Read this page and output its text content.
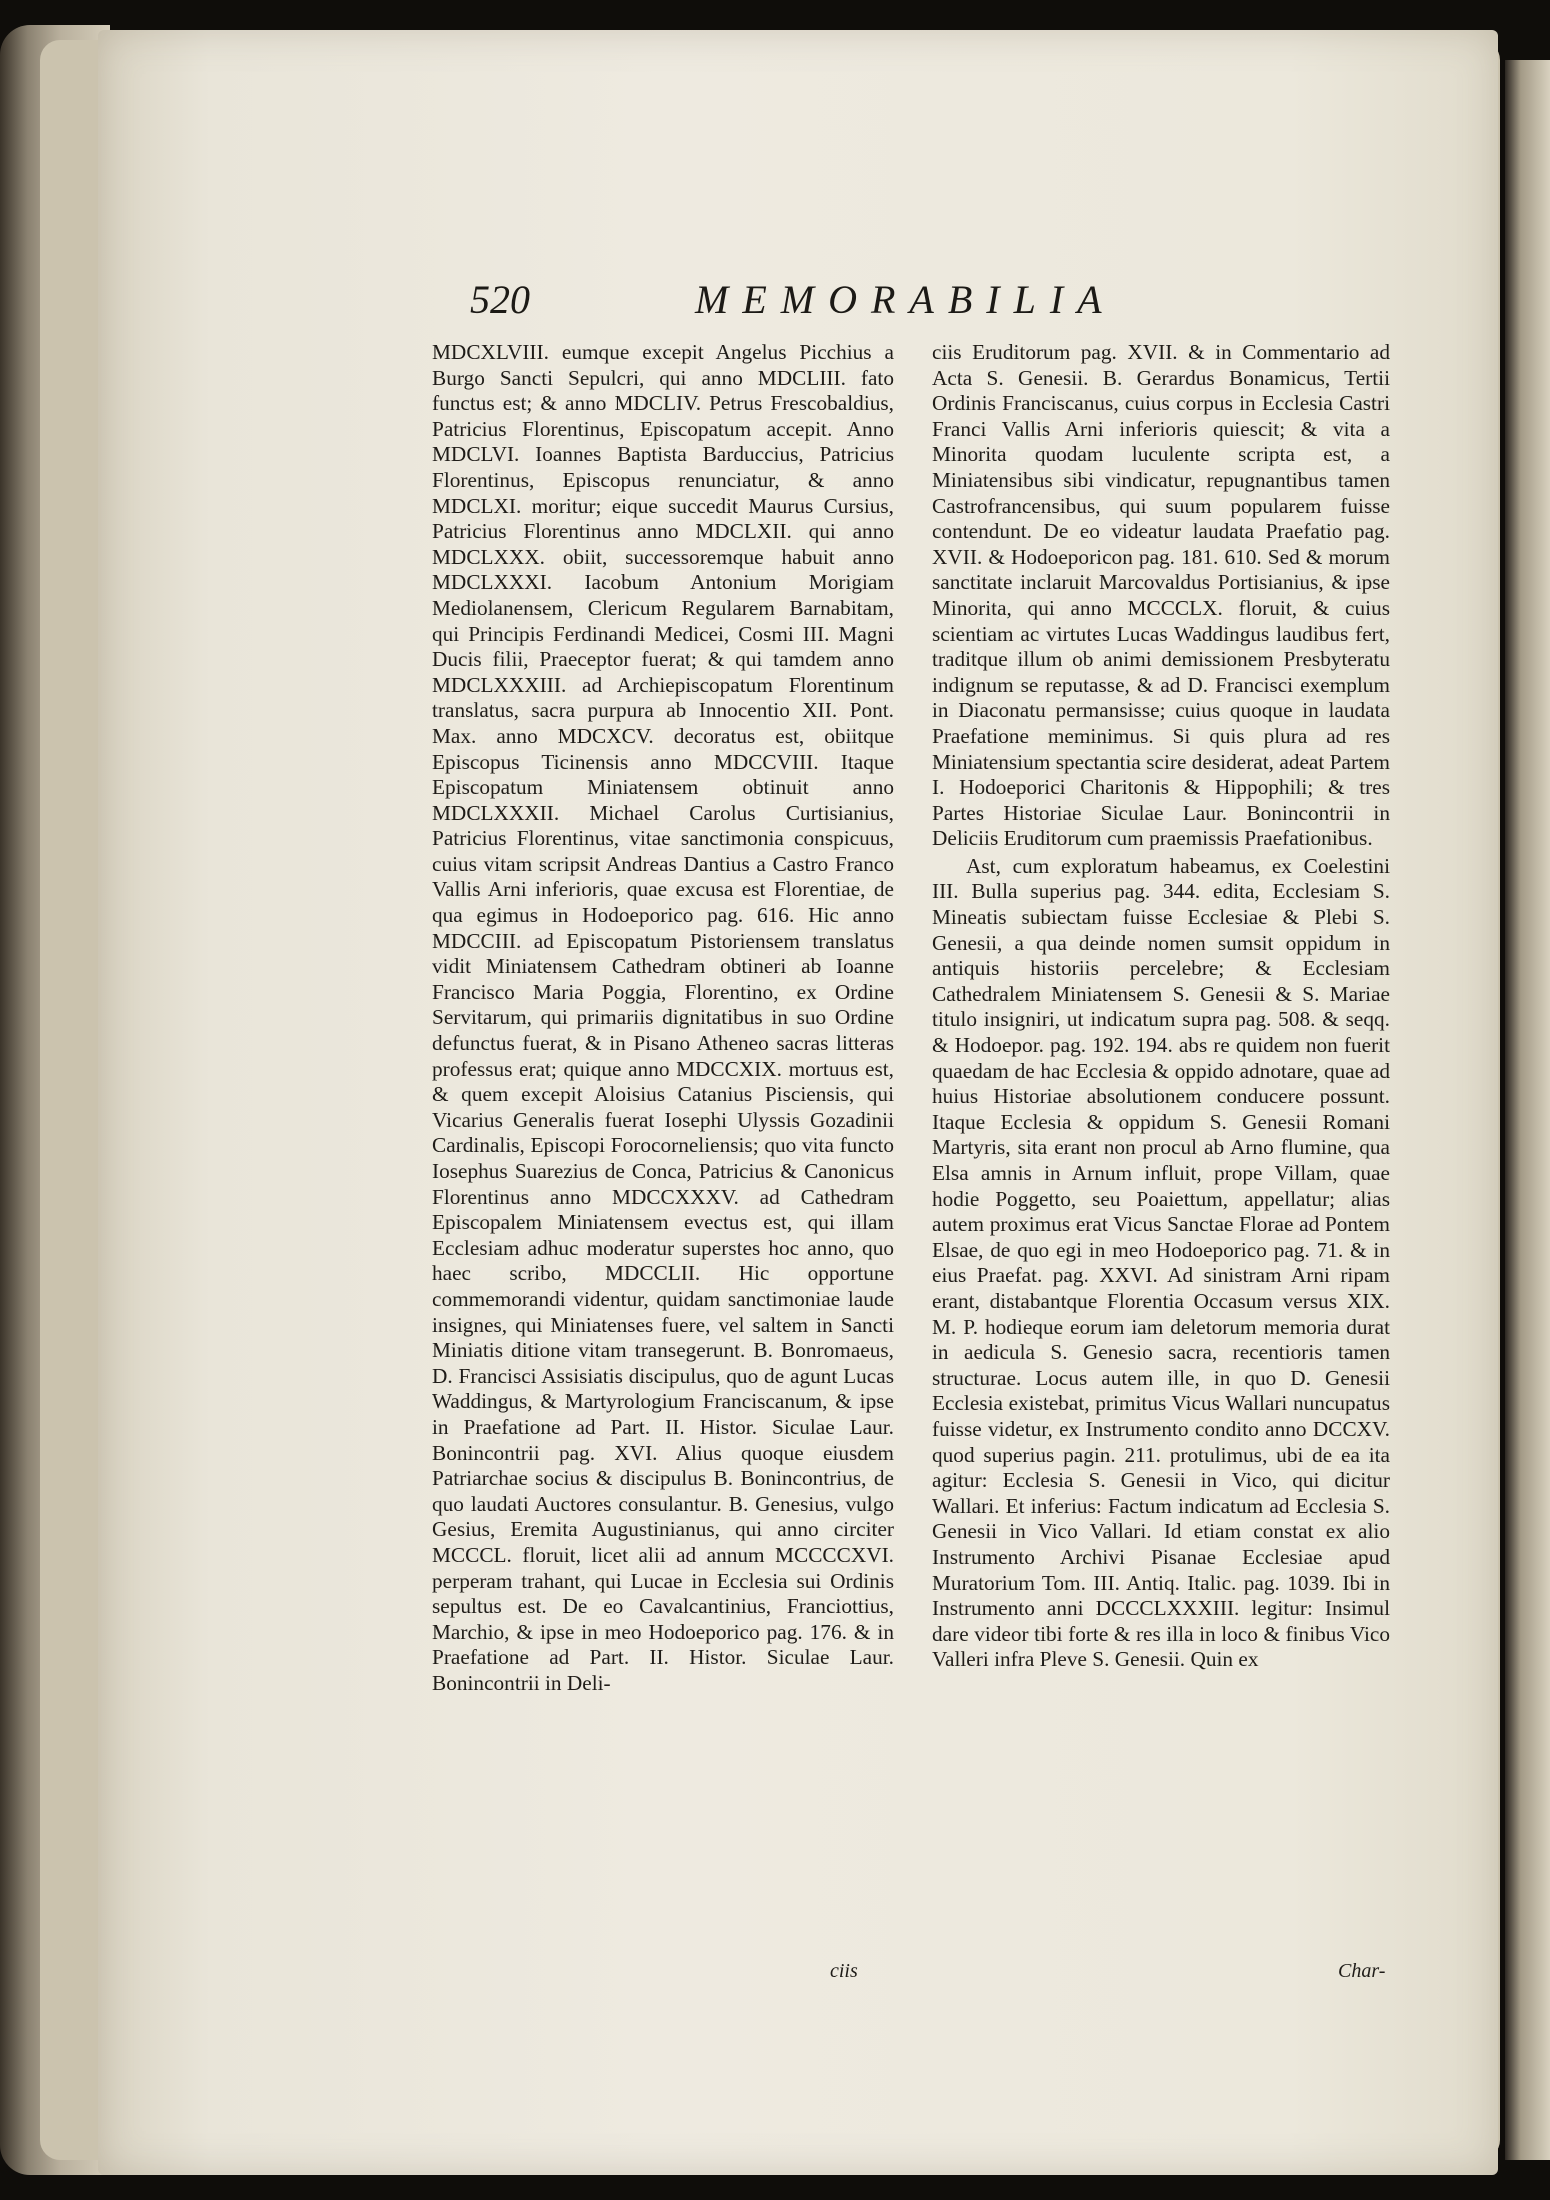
520	MEMORABILIA

MDCXLVIII. eumque excepit Angelus Picchius a Burgo Sancti Sepulcri, qui anno MDCLIII. fato functus est; & anno MDCLIV. Petrus Frescobaldius, Patricius Florentinus, Episcopatum accepit. Anno MDCLVI. Ioannes Baptista Barduccius, Patricius Florentinus, Episcopus renunciatur, & anno MDCLXI. moritur; eique succedit Maurus Cursius, Patricius Florentinus anno MDCLXII. qui anno MDCLXXX. obiit, successoremque habuit anno MDCLXXXI. Iacobum Antonium Morigiam Mediolanensem, Clericum Regularem Barnabitam, qui Principis Ferdinandi Medicei, Cosmi III. Magni Ducis filii, Praeceptor fuerat; & qui tamdem anno MDCLXXXIII. ad Archiepiscopatum Florentinum translatus, sacra purpura ab Innocentio XII. Pont. Max. anno MDCXCV. decoratus est, obiitque Episcopus Ticinensis anno MDCCVIII. Itaque Episcopatum Miniatensem obtinuit anno MDCLXXXII. Michael Carolus Curtisianius, Patricius Florentinus, vitae sanctimonia conspicuus, cuius vitam scripsit Andreas Dantius a Castro Franco Vallis Arni inferioris, quae excusa est Florentiae, de qua egimus in Hodoeporico pag. 616. Hic anno MDCCIII. ad Episcopatum Pistoriensem translatus vidit Miniatensem Cathedram obtineri ab Ioanne Francisco Maria Poggia, Florentino, ex Ordine Servitarum, qui primariis dignitatibus in suo Ordine defunctus fuerat, & in Pisano Atheneo sacras litteras professus erat; quique anno MDCCXIX. mortuus est, & quem excepit Aloisius Catanius Pisciensis, qui Vicarius Generalis fuerat Iosephi Ulyssis Gozadinii Cardinalis, Episcopi Forocorneliensis; quo vita functo Iosephus Suarezius de Conca, Patricius & Canonicus Florentinus anno MDCCXXXV. ad Cathedram Episcopalem Miniatensem evectus est, qui illam Ecclesiam adhuc moderatur superstes hoc anno, quo haec scribo, MDCCLII. Hic opportune commemorandi videntur, quidam sanctimoniae laude insignes, qui Miniatenses fuere, vel saltem in Sancti Miniatis ditione vitam transegerunt. B. Bonromaeus, D. Francisci Assisiatis discipulus, quo de agunt Lucas Waddingus, & Martyrologium Franciscanum, & ipse in Praefatione ad Part. II. Histor. Siculae Laur. Bonincontrii pag. XVI. Alius quoque eiusdem Patriarchae socius & discipulus B. Bonincontrius, de quo laudati Auctores consulantur. B. Genesius, vulgo Gesius, Eremita Augustinianus, qui anno circiter MCCCL. floruit, licet alii ad annum MCCCCXVI. perperam trahant, qui Lucae in Ecclesia sui Ordinis sepultus est. De eo Cavalcantinius, Franciottius, Marchio, & ipse in meo Hodoeporico pag. 176. & in Praefatione ad Part. II. Histor. Siculae Laur. Bonincontrii in Deli-

ciis

ciis Eruditorum pag. XVII. & in Commentario ad Acta S. Genesii. B. Gerardus Bonamicus, Tertii Ordinis Franciscanus, cuius corpus in Ecclesia Castri Franci Vallis Arni inferioris quiescit; & vita a Minorita quodam luculente scripta est, a Miniatensibus sibi vindicatur, repugnantibus tamen Castrofrancensibus, qui suum popularem fuisse contendunt. De eo videatur laudata Praefatio pag. XVII. & Hodoeporicon pag. 181. 610. Sed & morum sanctitate inclaruit Marcovaldus Portisianius, & ipse Minorita, qui anno MCCCLX. floruit, & cuius scientiam ac virtutes Lucas Waddingus laudibus fert, traditque illum ob animi demissionem Presbyteratu indignum se reputasse, & ad D. Francisci exemplum in Diaconatu permansisse; cuius quoque in laudata Praefatione meminimus. Si quis plura ad res Miniatensium spectantia scire desiderat, adeat Partem I. Hodoeporici Charitonis & Hippophili; & tres Partes Historiae Siculae Laur. Bonincontrii in Deliciis Eruditorum cum praemissis Praefationibus.

Ast, cum exploratum habeamus, ex Coelestini III. Bulla superius pag. 344. edita, Ecclesiam S. Mineatis subiectam fuisse Ecclesiae & Plebi S. Genesii, a qua deinde nomen sumsit oppidum in antiquis historiis percelebre; & Ecclesiam Cathedralem Miniatensem S. Genesii & S. Mariae titulo insigniri, ut indicatum supra pag. 508. & seqq. & Hodoepor. pag. 192. 194. abs re quidem non fuerit quaedam de hac Ecclesia & oppido adnotare, quae ad huius Historiae absolutionem conducere possunt. Itaque Ecclesia & oppidum S. Genesii Romani Martyris, sita erant non procul ab Arno flumine, qua Elsa amnis in Arnum influit, prope Villam, quae hodie Poggetto, seu Poaiettum, appellatur; alias autem proximus erat Vicus Sanctae Florae ad Pontem Elsae, de quo egi in meo Hodoeporico pag. 71. & in eius Praefat. pag. XXVI. Ad sinistram Arni ripam erant, distabantque Florentia Occasum versus XIX. M. P. hodieque eorum iam deletorum memoria durat in aedicula S. Genesio sacra, recentioris tamen structurae. Locus autem ille, in quo D. Genesii Ecclesia existebat, primitus Vicus Wallari nuncupatus fuisse videtur, ex Instrumento condito anno DCCXV. quod superius pagin. 211. protulimus, ubi de ea ita agitur: Ecclesia S. Genesii in Vico, qui dicitur Wallari. Et inferius: Factum indicatum ad Ecclesia S. Genesii in Vico Vallari. Id etiam constat ex alio Instrumento Archivi Pisanae Ecclesiae apud Muratorium Tom. III. Antiq. Italic. pag. 1039. Ibi in Instrumento anni DCCCLXXXIII. legitur: Insimul dare videor tibi forte & res illa in loco & finibus Vico Valleri infra Pleve S. Genesii. Quin ex

Char-
